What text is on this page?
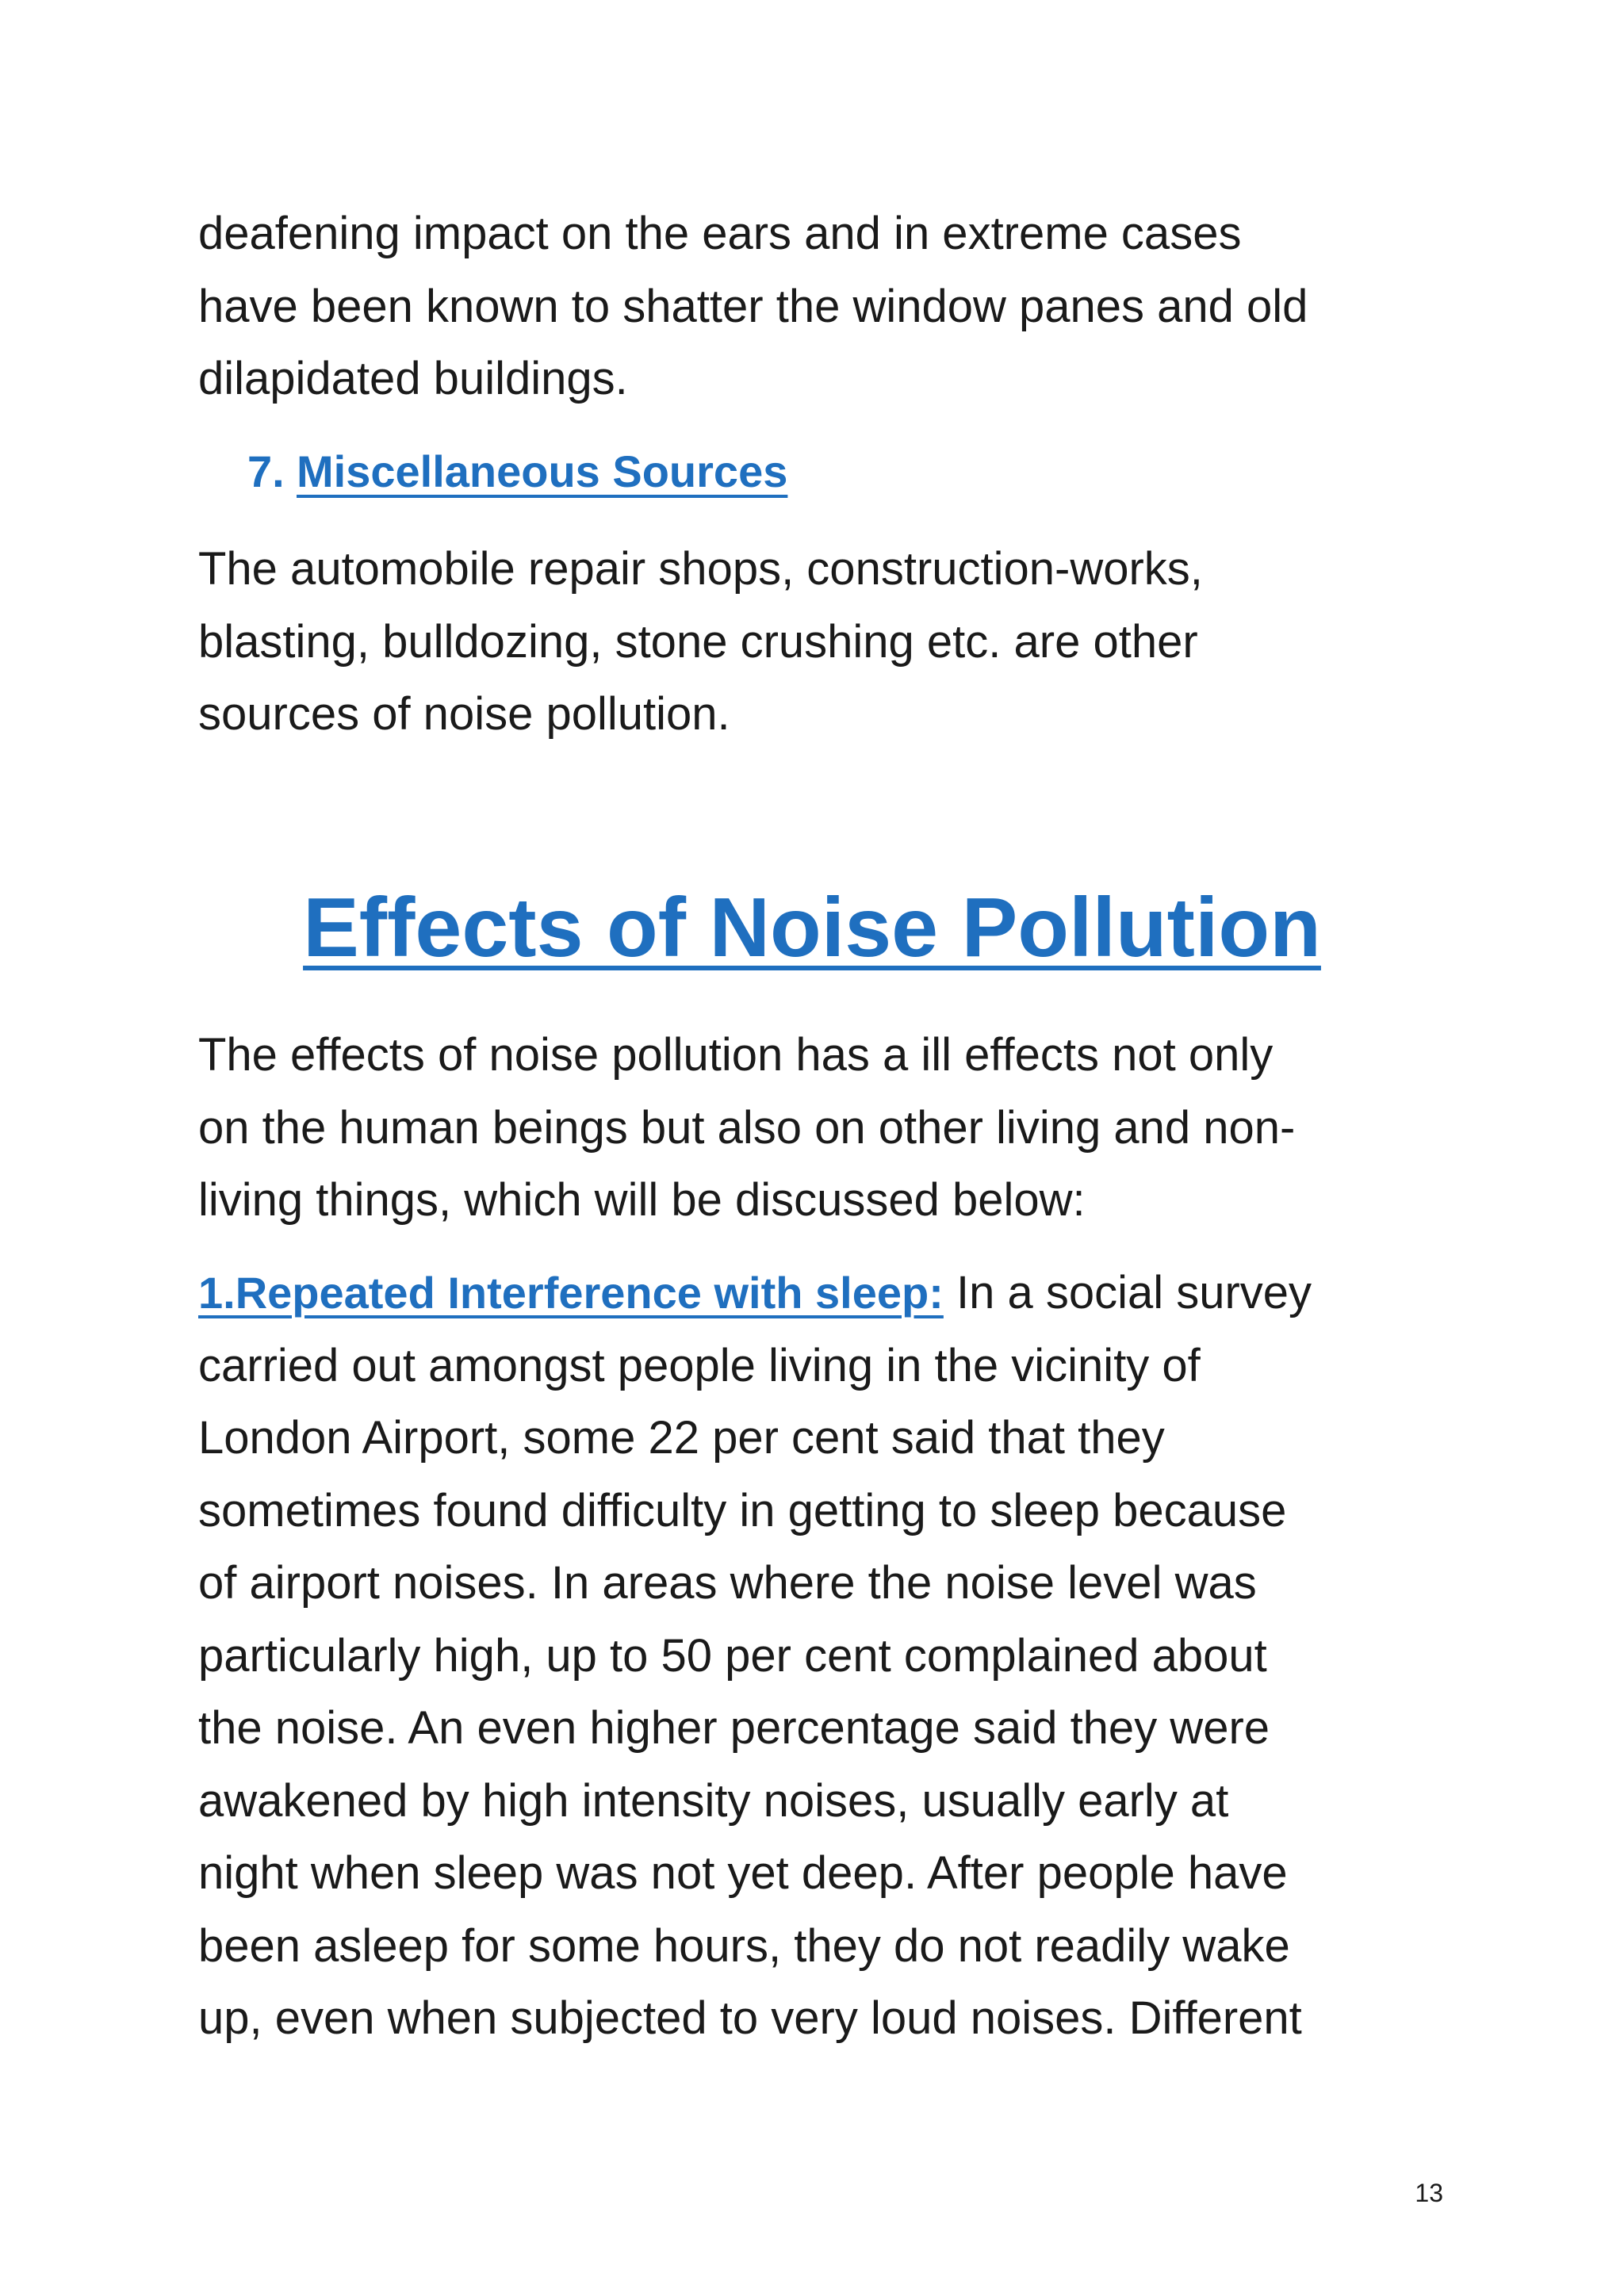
deafening impact on the ears and in extreme cases
have been known to shatter the window panes and old
dilapidated buildings.

7. Miscellaneous Sources

The automobile repair shops, construction-works,
blasting, bulldozing, stone crushing etc. are other
sources of noise pollution.

Effects of Noise Pollution

The effects of noise pollution has a ill effects not only
on the human beings but also on other living and non-
living things, which will be discussed below:

1.Repeated Interference with sleep: In a social survey
carried out amongst people living in the vicinity of
London Airport, some 22 per cent said that they
sometimes found difficulty in getting to sleep because
of airport noises. In areas where the noise level was
particularly high, up to 50 per cent complained about
the noise. An even higher percentage said they were
awakened by high intensity noises, usually early at
night when sleep was not yet deep. After people have
been asleep for some hours, they do not readily wake
up, even when subjected to very loud noises. Different

13
